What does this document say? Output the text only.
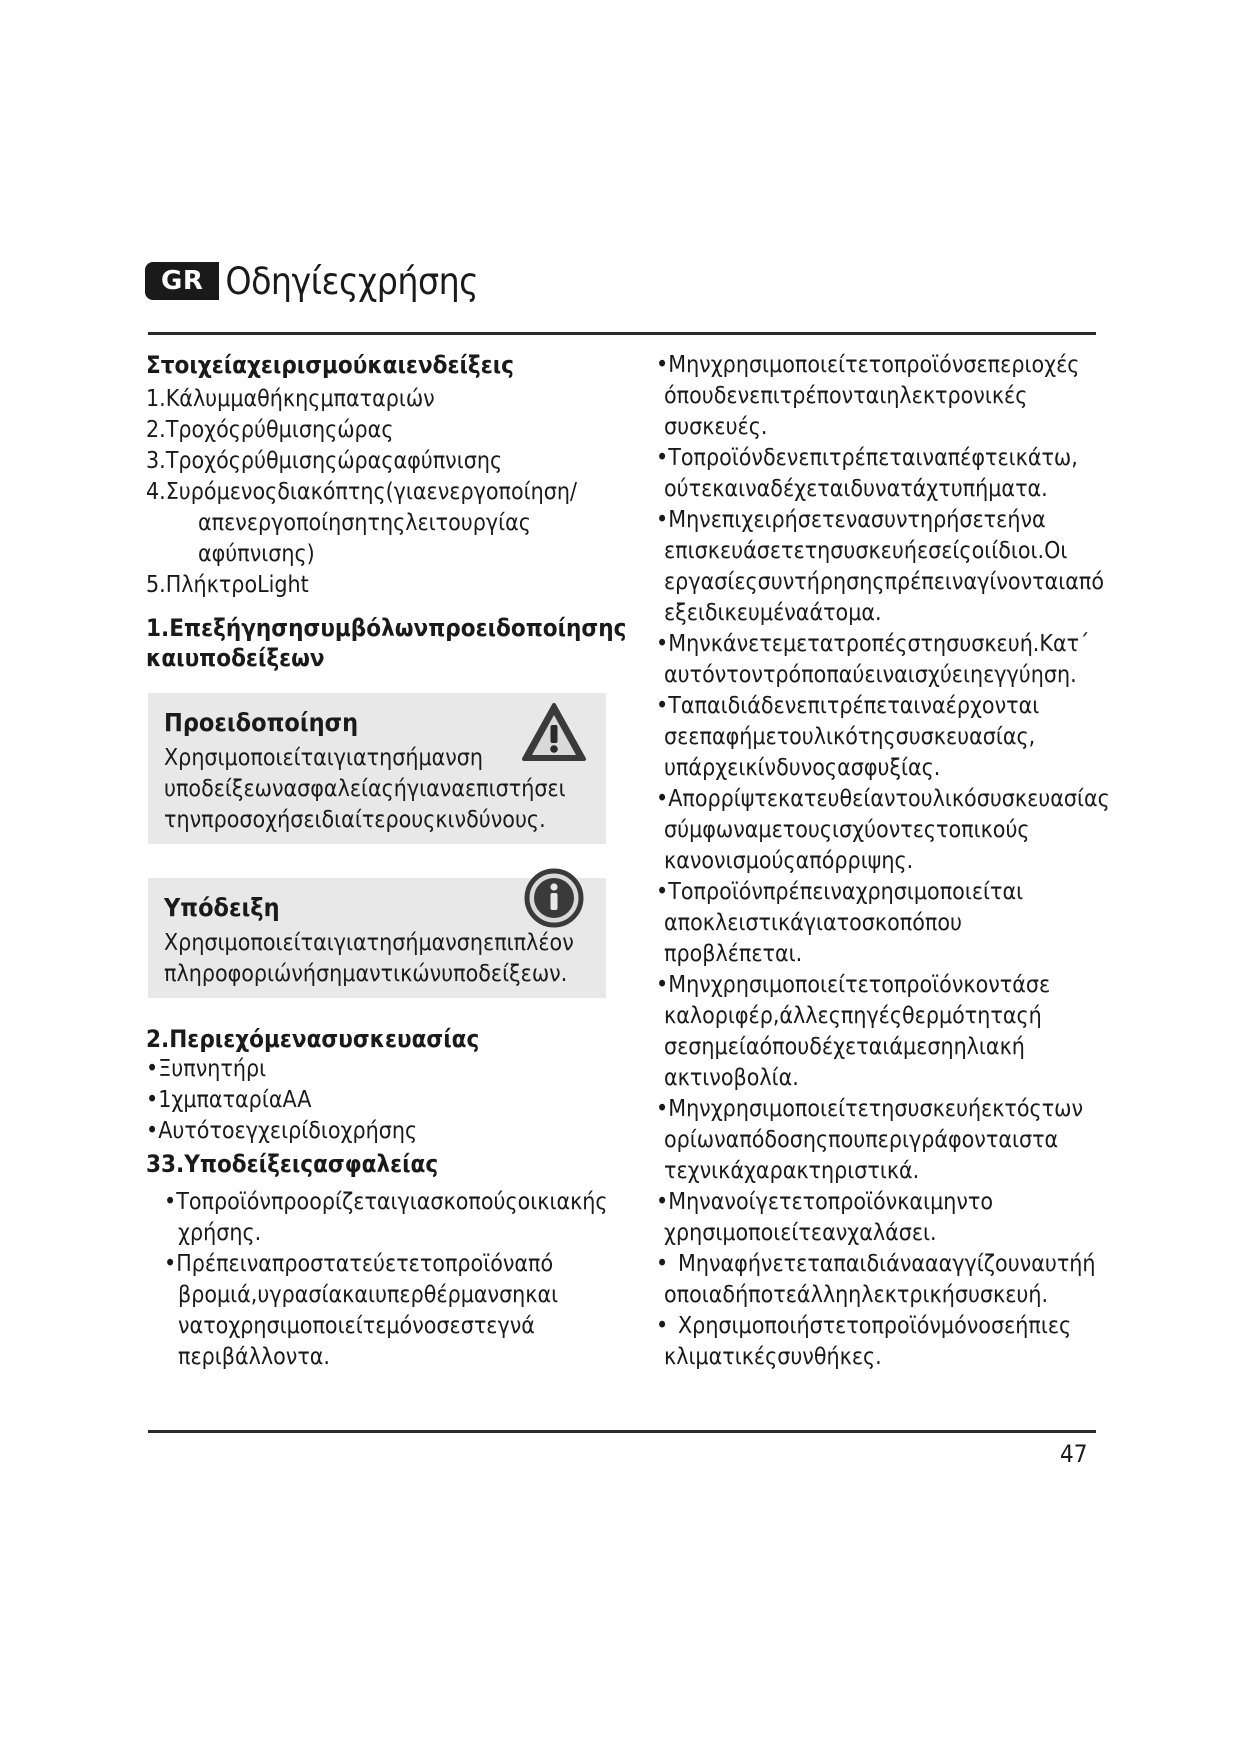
GR Οδηγίεςχρήσης
Στοιχείαχειρισμούκαιενδείξεις
1.Κάλυμμαθήκηςμπαταριών
2.Τροχόςρύθμισηςώρας
3.Τροχόςρύθμισηςώραςαφύπνισης
4.Συρόμενοςδιακόπτης(γιαενεργοποίηση/ απενεργοποίησητηςλειτουργίας αφύπνισης)
5.ΠλήκτροLight
1.Επεξήγησησυμβόλωνπροειδοποίησης καιυποδείξεων
Προειδοποίηση
Χρησιμοποιείταιγιατησήμανση υποδείξεωνασφαλείαςήγιαναεπιστήσει τηνπροσοχήσειδιαίτερουςκινδύνους.
Υπόδειξη
Χρησιμοποιείταιγιατησήμανσηεπιπλέον πληροφοριώνήσημαντικώνυποδείξεων.
2.Περιεχόμενασυσκευασίας
•Ξυπνητήρι
•1χμπαταρίαAA
•Αυτότοεγχειρίδιοχρήσης
33.Υποδείξειςασφαλείας
•Τοπροϊόνπροορίζεταιγιασκοπούςοικιακής χρήσης.
•Πρέπειναπροστατεύετετοπροϊόναπό βρομιά,υγρασίακαιυπερθέρμανσηκαι νατοχρησιμοποιείτεμόνοσεστεγνά περιβάλλοντα.
•Μηνχρησιμοποιείτετοπροϊόνσεπεριοχές όπουδενεπιτρέπονταιηλεκτρονικές συσκευές.
•Τοπροϊόνδενεπιτρέπεταιναπέφτεικάτω, ούτεκαιναδέχεταιδυνατάχτυπήματα.
•Μηνεπιχειρήσετενασυντηρήσετεήνα επισκευάσετετησυσκευήεσείςοιίδιοι.Οι εργασίεςσυντήρησηςπρέπειναγίνονταιαπό εξειδικευμέναάτομα.
•Μηνκάνετεμετατροπέςστησυσκευή.Κατ΄ αυτόντοντρόποπαύειναισχύειηεγγύηση.
•Ταπαιδιάδενεπιτρέπεταιναέρχονται σεεπαφήμετουλικότηςσυσκευασίας, υπάρχεικίνδυνοςασφυξίας.
•Απορρίψτεκατευθείαντουλικόσυσκευασίας σύμφωναμετουςισχύοντεςτοπικούς κανονισμούςαπόρριψης.
•Τοπροϊόνπρέπειναχρησιμοποιείται αποκλειστικάγιατοσκοπόπου προβλέπεται.
•Μηνχρησιμοποιείτετοπροϊόνκοντάσε καλοριφέρ,άλλεςπηγέςθερμότηταςή σεσημείαόπουδέχεταιάμεσηηλιακή ακτινοβολία.
•Μηνχρησιμοποιείτετησυσκευήεκτόςτων ορίωναπόδοσηςπουπεριγράφονταιστα τεχνικάχαρακτηριστικά.
•Μηνανοίγετετοπροϊόνκαιμηντο χρησιμοποιείτεανχαλάσει.
• Μηναφήνετεταπαιδιάναααγγίζουναυτήή οποιαδήποτεάλληηλεκτρικήσυσκευή.
• Χρησιμοποιήστετοπροϊόνμόνοσεήπιες κλιματικέςσυνθήκες.
47
